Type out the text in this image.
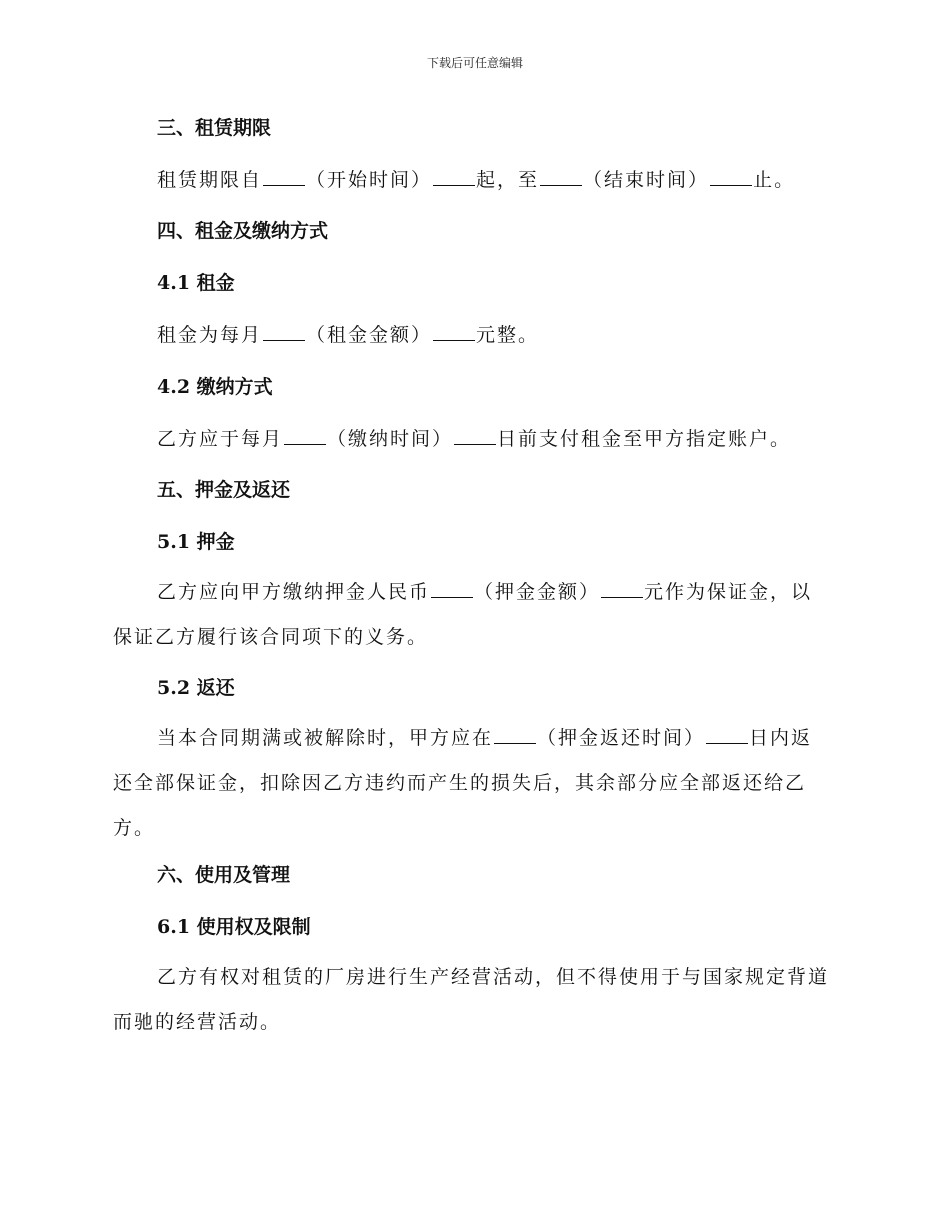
下载后可任意编辑
三、租赁期限
租赁期限自 （开始时间） 起，至 （结束时间） 止。
四、租金及缴纳方式
4.1 租金
租金为每月 （租金金额） 元整。
4.2 缴纳方式
乙方应于每月 （缴纳时间） 日前支付租金至甲方指定账户。
五、押金及返还
5.1 押金
乙方应向甲方缴纳押金人民币 （押金金额） 元作为保证金，以保证乙方履行该合同项下的义务。
5.2 返还
当本合同期满或被解除时，甲方应在 （押金返还时间） 日内返还全部保证金，扣除因乙方违约而产生的损失后，其余部分应全部返还给乙方。
六、使用及管理
6.1 使用权及限制
乙方有权对租赁的厂房进行生产经营活动，但不得使用于与国家规定背道而驰的经营活动。
